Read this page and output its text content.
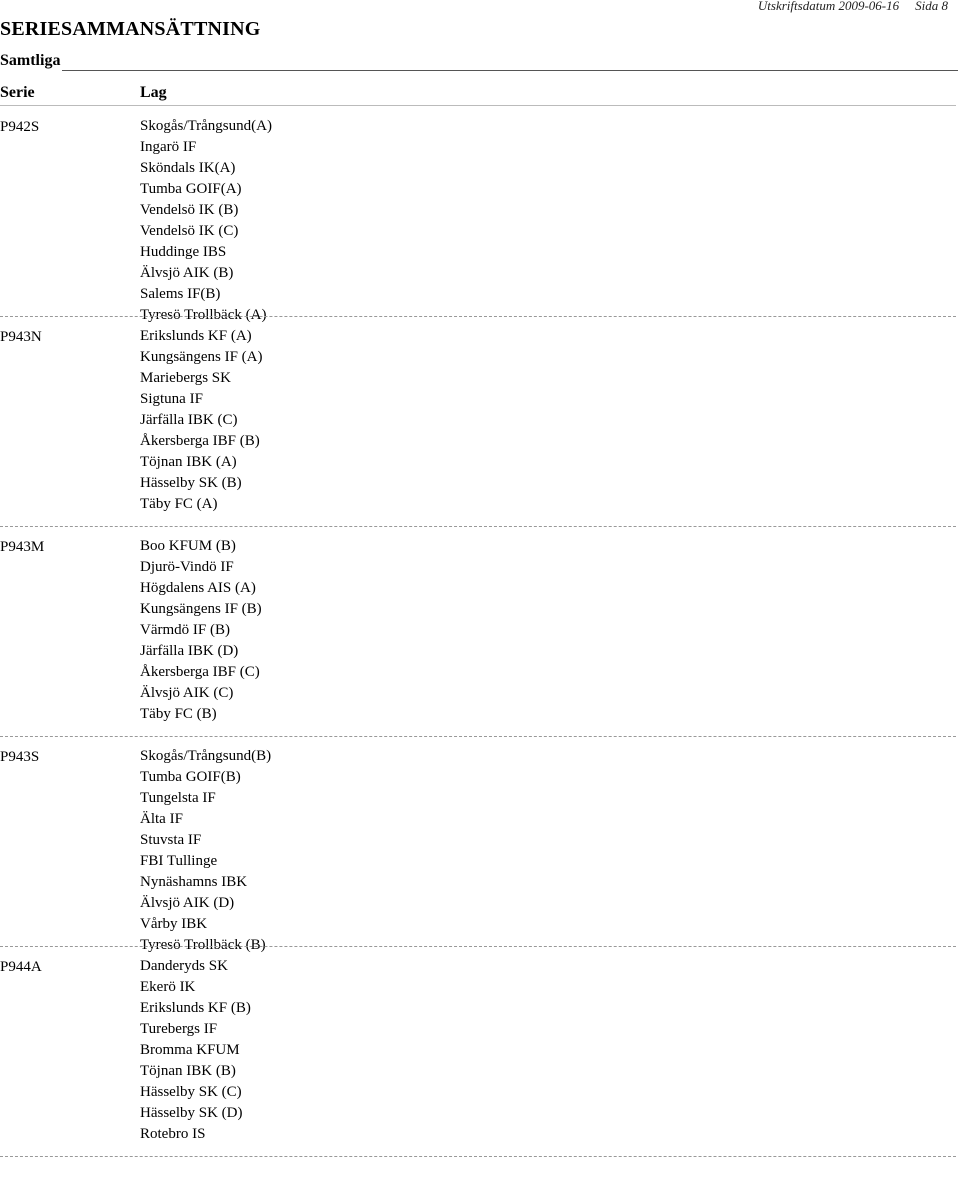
SERIESAMMANSÄTTNING
Utskriftsdatum 2009-06-16 Sida 8
Samtliga
Serie	Lag
P942S	Skogås/Trångsund(A)
Ingarö IF
Sköndals IK(A)
Tumba GOIF(A)
Vendelsö IK (B)
Vendelsö IK (C)
Huddinge IBS
Älvsjö AIK (B)
Salems IF(B)
Tyresö Trollbäck (A)
P943N	Erikslunds KF (A)
Kungsängens IF (A)
Mariebergs SK
Sigtuna IF
Järfälla IBK (C)
Åkersberga IBF (B)
Töjnan IBK (A)
Hässelby SK (B)
Täby FC (A)
P943M	Boo KFUM (B)
Djurö-Vindö IF
Högdalens AIS (A)
Kungsängens IF (B)
Värmdö IF (B)
Järfälla IBK (D)
Åkersberga IBF (C)
Älvsjö AIK (C)
Täby FC (B)
P943S	Skogås/Trångsund(B)
Tumba GOIF(B)
Tungelsta IF
Älta IF
Stuvsta IF
FBI Tullinge
Nynäshamns IBK
Älvsjö AIK (D)
Vårby IBK
Tyresö Trollbäck (B)
P944A	Danderyds SK
Ekerö IK
Erikslunds KF (B)
Turebergs IF
Bromma KFUM
Töjnan IBK (B)
Hässelby SK (C)
Hässelby SK (D)
Rotebro IS
